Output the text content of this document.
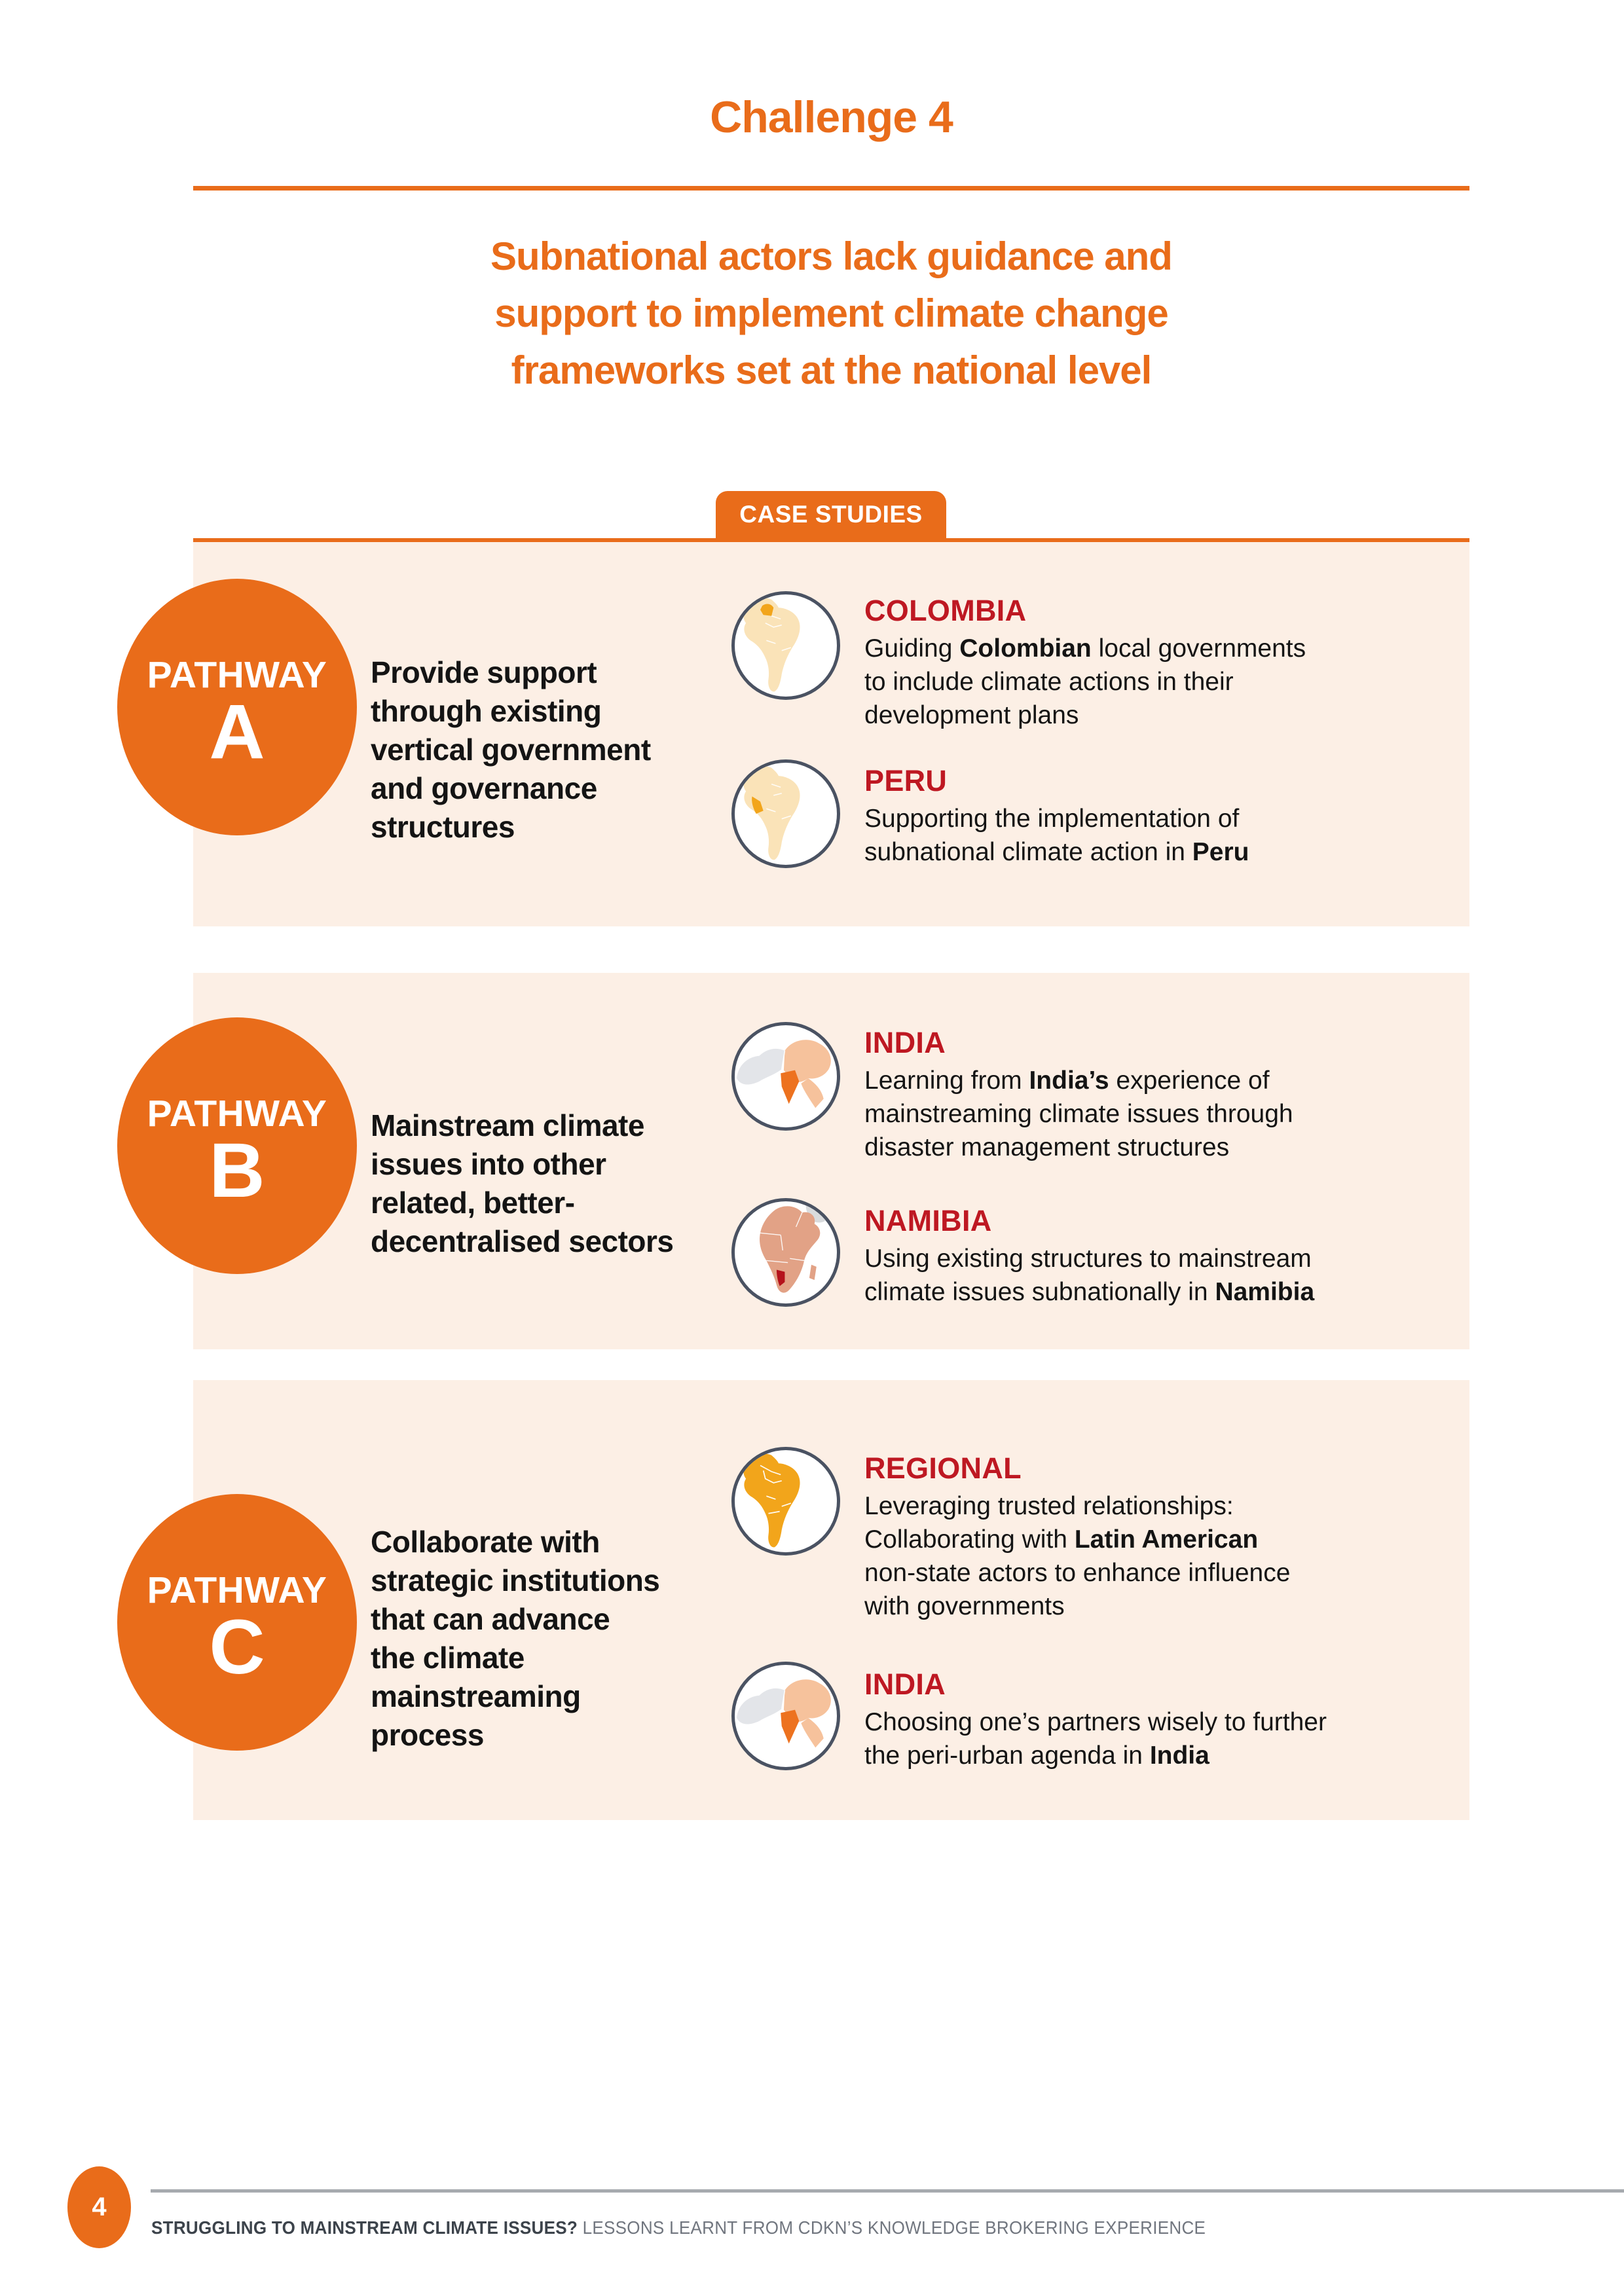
Challenge 4
Subnational actors lack guidance and
support to implement climate change
frameworks set at the national level
CASE STUDIES
PATHWAY
A
Provide support
through existing
vertical government
and governance
structures
COLOMBIA
Guiding Colombian local governments
to include climate actions in their
development plans
PERU
Supporting the implementation of
subnational climate action in Peru
PATHWAY
B
Mainstream climate
issues into other
related, better-
decentralised sectors
INDIA
Learning from India’s experience of
mainstreaming climate issues through
disaster management structures
NAMIBIA
Using existing structures to mainstream
climate issues subnationally in Namibia
PATHWAY
C
Collaborate with
strategic institutions
that can advance
the climate
mainstreaming
process
REGIONAL
Leveraging trusted relationships:
Collaborating with Latin American
non-state actors to enhance influence
with governments
INDIA
Choosing one’s partners wisely to further
the peri-urban agenda in India
4
STRUGGLING TO MAINSTREAM CLIMATE ISSUES? LESSONS LEARNT FROM CDKN’S KNOWLEDGE BROKERING EXPERIENCE
